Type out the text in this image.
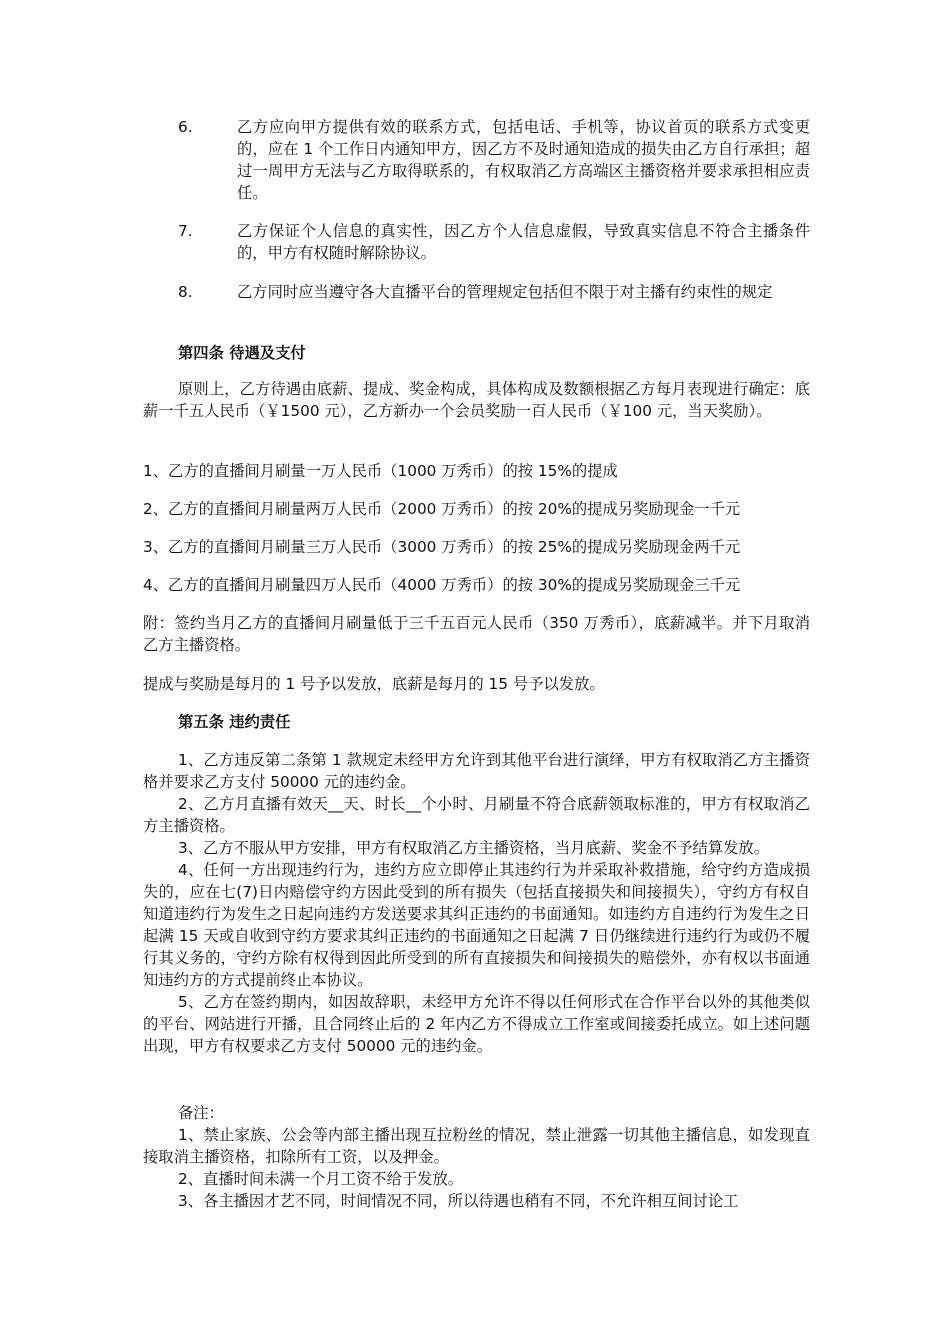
6.	乙方应向甲方提供有效的联系方式，包括电话、手机等，协议首页的联系方式变更的，应在 1 个工作日内通知甲方，因乙方不及时通知造成的损失由乙方自行承担；超过一周甲方无法与乙方取得联系的，有权取消乙方高端区主播资格并要求承担相应责任。
7.	乙方保证个人信息的真实性，因乙方个人信息虚假，导致真实信息不符合主播条件的，甲方有权随时解除协议。
8.	乙方同时应当遵守各大直播平台的管理规定包括但不限于对主播有约束性的规定
第四条 待遇及支付
原则上，乙方待遇由底薪、提成、奖金构成，具体构成及数额根据乙方每月表现进行确定：底薪一千五人民币（￥1500 元），乙方新办一个会员奖励一百人民币（￥100 元，当天奖励）。
1、乙方的直播间月刷量一万人民币（1000 万秀币）的按 15%的提成
2、乙方的直播间月刷量两万人民币（2000 万秀币）的按 20%的提成另奖励现金一千元
3、乙方的直播间月刷量三万人民币（3000 万秀币）的按 25%的提成另奖励现金两千元
4、乙方的直播间月刷量四万人民币（4000 万秀币）的按 30%的提成另奖励现金三千元
附：签约当月乙方的直播间月刷量低于三千五百元人民币（350 万秀币），底薪减半。并下月取消乙方主播资格。
提成与奖励是每月的 1 号予以发放，底薪是每月的 15 号予以发放。
第五条 违约责任

1、乙方违反第二条第 1 款规定未经甲方允许到其他平台进行演绎，甲方有权取消乙方主播资格并要求乙方支付 50000 元的违约金。

2、乙方月直播有效天__天、时长__个小时、月刷量不符合底薪领取标准的，甲方有权取消乙方主播资格。

3、乙方不服从甲方安排，甲方有权取消乙方主播资格，当月底薪、奖金不予结算发放。

4、任何一方出现违约行为，违约方应立即停止其违约行为并采取补救措施，给守约方造成损失的，应在七(7)日内赔偿守约方因此受到的所有损失（包括直接损失和间接损失），守约方有权自知道违约行为发生之日起向违约方发送要求其纠正违约的书面通知。如违约方自违约行为发生之日起满 15 天或自收到守约方要求其纠正违约的书面通知之日起满 7 日仍继续进行违约行为或仍不履行其义务的，守约方除有权得到因此所受到的所有直接损失和间接损失的赔偿外，亦有权以书面通知违约方的方式提前终止本协议。

5、乙方在签约期内，如因故辞职，未经甲方允许不得以任何形式在合作平台以外的其他类似的平台、网站进行开播，且合同终止后的 2 年内乙方不得成立工作室或间接委托成立。如上述问题出现，甲方有权要求乙方支付 50000 元的违约金。

备注：

1、禁止家族、公会等内部主播出现互拉粉丝的情况，禁止泄露一切其他主播信息，如发现直接取消主播资格，扣除所有工资，以及押金。

2、直播时间未满一个月工资不给于发放。

3、各主播因才艺不同，时间情况不同，所以待遇也稍有不同，不允许相互间讨论工
